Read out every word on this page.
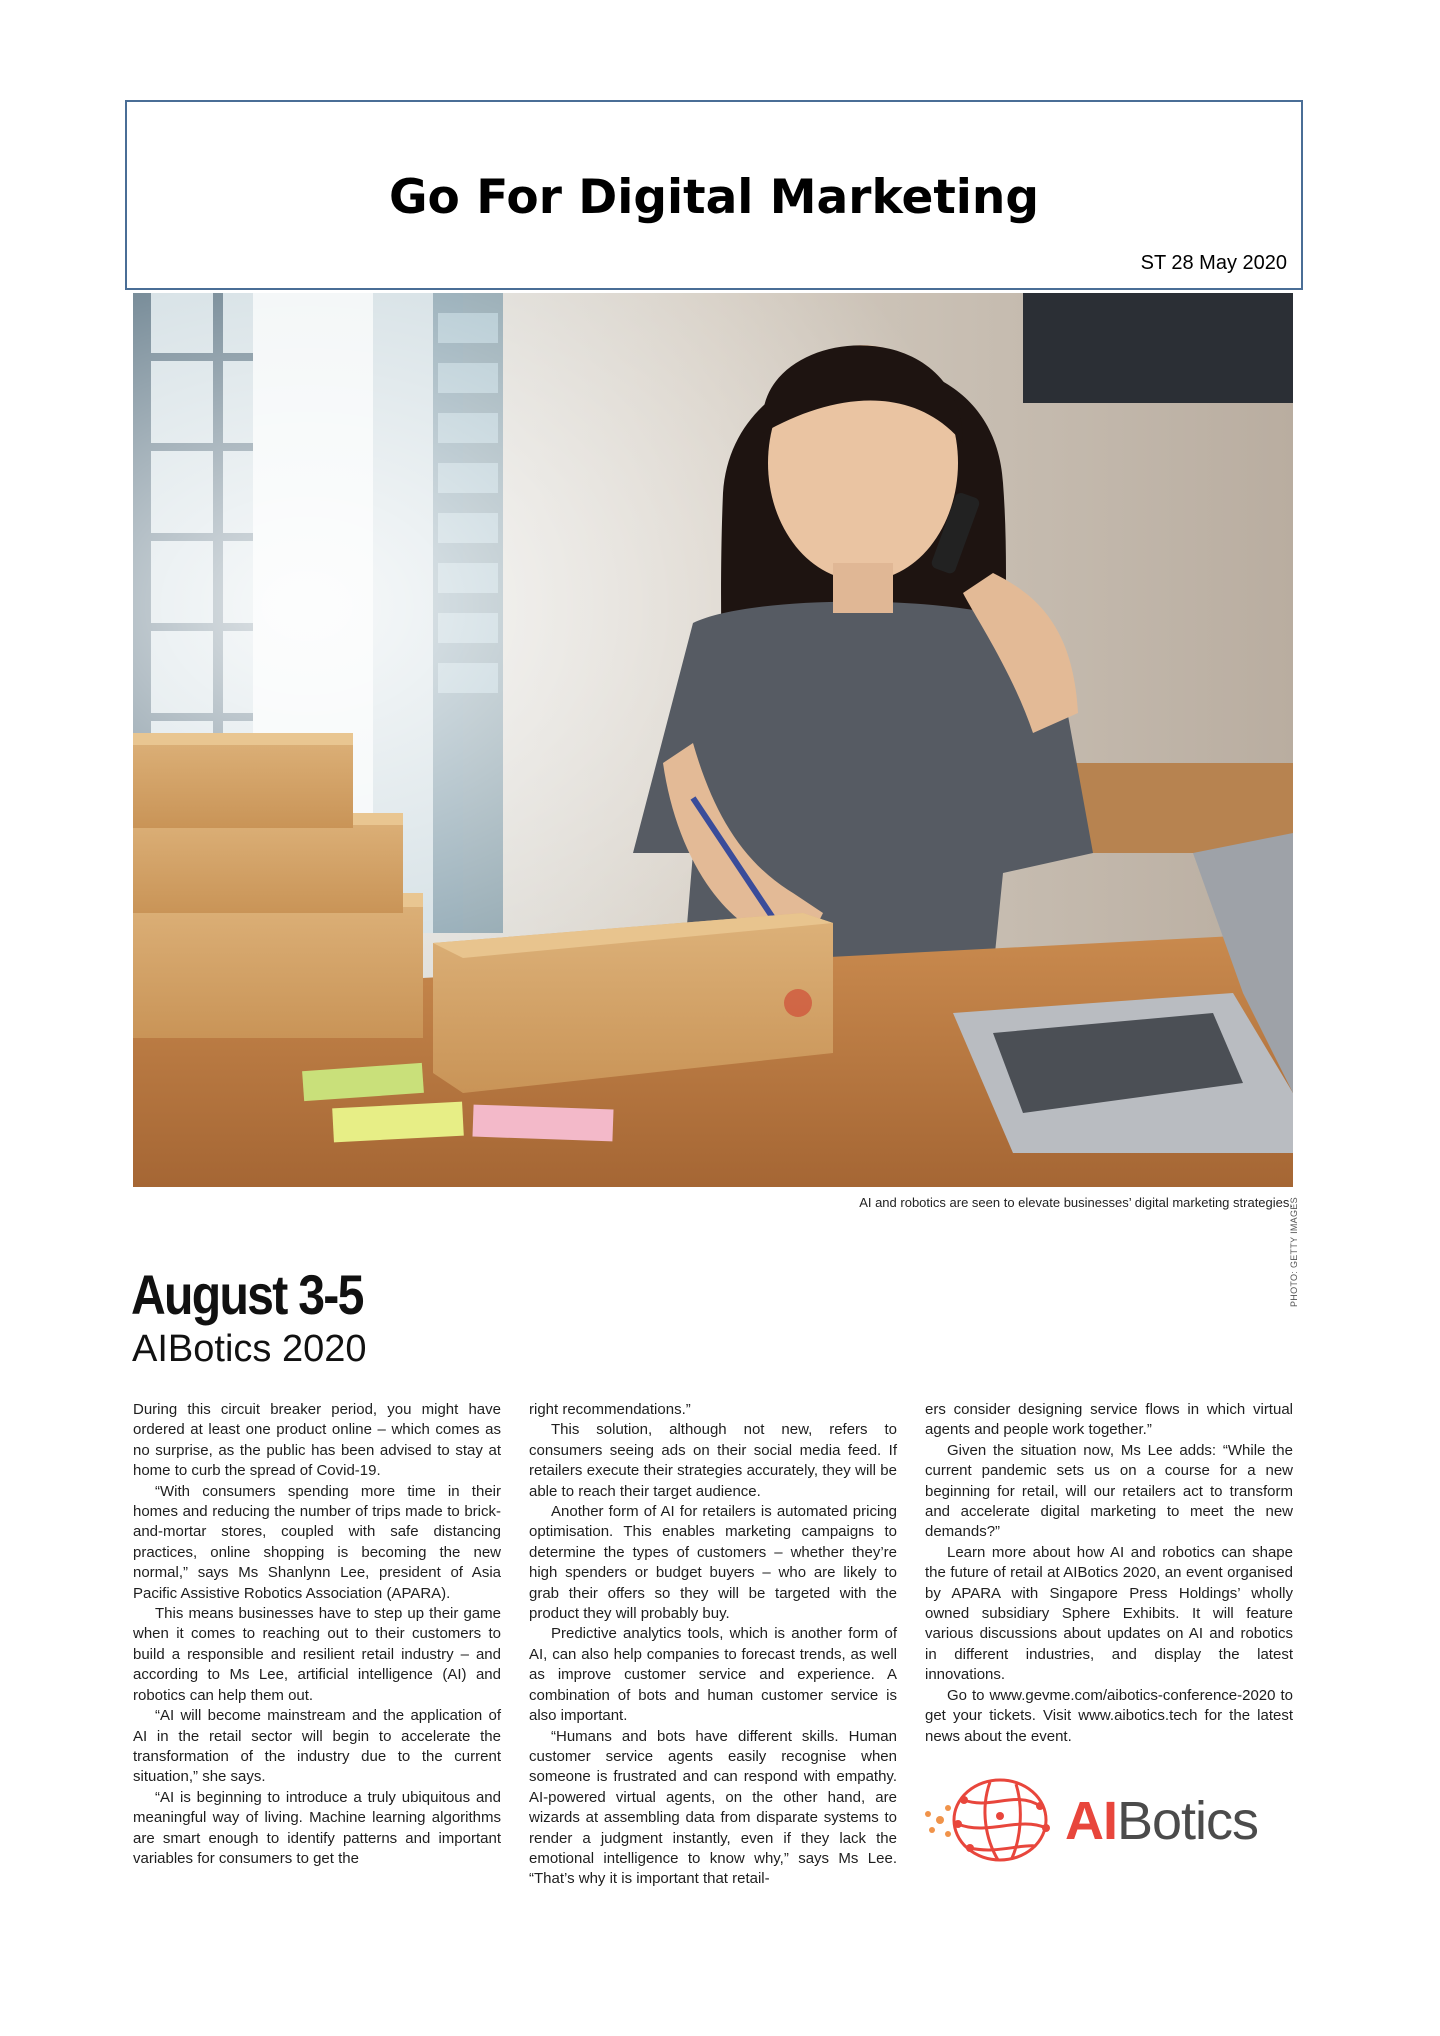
Go For Digital Marketing
ST 28 May 2020
PHOTO: GETTY IMAGES
AI and robotics are seen to elevate businesses’ digital marketing strategies.
August 3-5
AIBotics 2020

During this circuit breaker period, you might have ordered at least one product online – which comes as no surprise, as the public has been advised to stay at home to curb the spread of Covid-19.

“With consumers spending more time in their homes and reducing the number of trips made to brick-and-mortar stores, coupled with safe distancing practices, online shopping is becoming the new normal,” says Ms Shanlynn Lee, president of Asia Pacific Assistive Robotics Association (APARA).

This means businesses have to step up their game when it comes to reaching out to their customers to build a responsible and resilient retail industry – and according to Ms Lee, artificial intelligence (AI) and robotics can help them out.

“AI will become mainstream and the application of AI in the retail sector will begin to accelerate the transformation of the industry due to the current situation,” she says.

“AI is beginning to introduce a truly ubiquitous and meaningful way of living. Machine learning algorithms are smart enough to identify patterns and important variables for consumers to get the

right recommendations.”

This solution, although not new, refers to consumers seeing ads on their social media feed. If retailers execute their strategies accurately, they will be able to reach their target audience.

Another form of AI for retailers is automated pricing optimisation. This enables marketing campaigns to determine the types of customers – whether they’re high spenders or budget buyers – who are likely to grab their offers so they will be targeted with the product they will probably buy.

Predictive analytics tools, which is another form of AI, can also help companies to forecast trends, as well as improve customer service and experience. A combination of bots and human customer service is also important.

“Humans and bots have different skills. Human customer service agents easily recognise when someone is frustrated and can respond with empathy. AI-powered virtual agents, on the other hand, are wizards at assembling data from disparate systems to render a judgment instantly, even if they lack the emotional intelligence to know why,” says Ms Lee. “That’s why it is important that retail-

ers consider designing service flows in which virtual agents and people work together.”

Given the situation now, Ms Lee adds: “While the current pandemic sets us on a course for a new beginning for retail, will our retailers act to transform and accelerate digital marketing to meet the new demands?”

Learn more about how AI and robotics can shape the future of retail at AIBotics 2020, an event organised by APARA with Singapore Press Holdings’ wholly owned subsidiary Sphere Exhibits. It will feature various discussions about updates on AI and robotics in different industries, and display the latest innovations.

Go to www.gevme.com/aibotics-conference-2020 to get your tickets. Visit www.aibotics.tech for the latest news about the event.

AIBotics
